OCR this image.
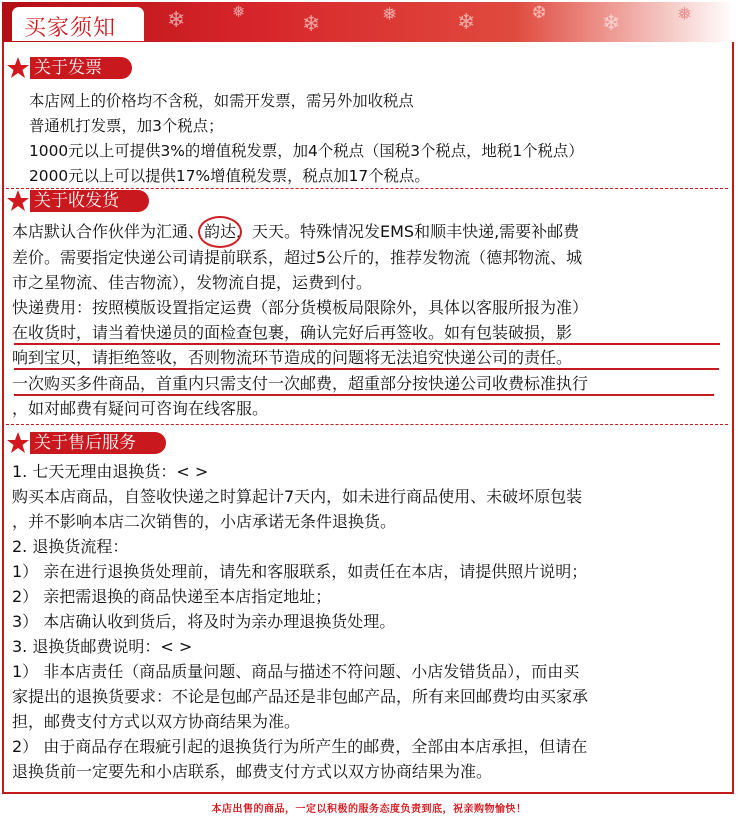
❄	❅
❄	❅	❄	❆	❄	❅
买家须知
关于发票
本店网上的价格均不含税，如需开发票，需另外加收税点
普通机打发票，加3个税点；
1000元以上可提供3%的增值税发票，加4个税点（国税3个税点，地税1个税点）
2000元以上可以提供17%增值税发票，税点加17个税点。
关于收发货
本店默认合作伙伴为汇通、韵达，天天。特殊情况发EMS和顺丰快递,需要补邮费
差价。需要指定快递公司请提前联系，超过5公斤的，推荐发物流（德邦物流、城
市之星物流、佳吉物流），发物流自提，运费到付。
快递费用：按照模版设置指定运费（部分货模板局限除外，具体以客服所报为准）
在收货时，请当着快递员的面检查包裹，确认完好后再签收。如有包装破损，影
响到宝贝，请拒绝签收，否则物流环节造成的问题将无法追究快递公司的责任。
一次购买多件商品，首重内只需支付一次邮费，超重部分按快递公司收费标准执行
，如对邮费有疑问可咨询在线客服。
关于售后服务
1. 七天无理由退换货：< >
购买本店商品，自签收快递之时算起计7天内，如未进行商品使用、未破坏原包装
，并不影响本店二次销售的，小店承诺无条件退换货。
2. 退换货流程：
1） 亲在进行退换货处理前，请先和客服联系，如责任在本店，请提供照片说明；
2） 亲把需退换的商品快递至本店指定地址；
3） 本店确认收到货后，将及时为亲办理退换货处理。
3. 退换货邮费说明：< >
1） 非本店责任（商品质量问题、商品与描述不符问题、小店发错货品），而由买
家提出的退换货要求：不论是包邮产品还是非包邮产品，所有来回邮费均由买家承
担，邮费支付方式以双方协商结果为准。
2） 由于商品存在瑕疵引起的退换货行为所产生的邮费，全部由本店承担，但请在
退换货前一定要先和小店联系，邮费支付方式以双方协商结果为准。
本店出售的商品，一定以积极的服务态度负责到底，祝亲购物愉快！
